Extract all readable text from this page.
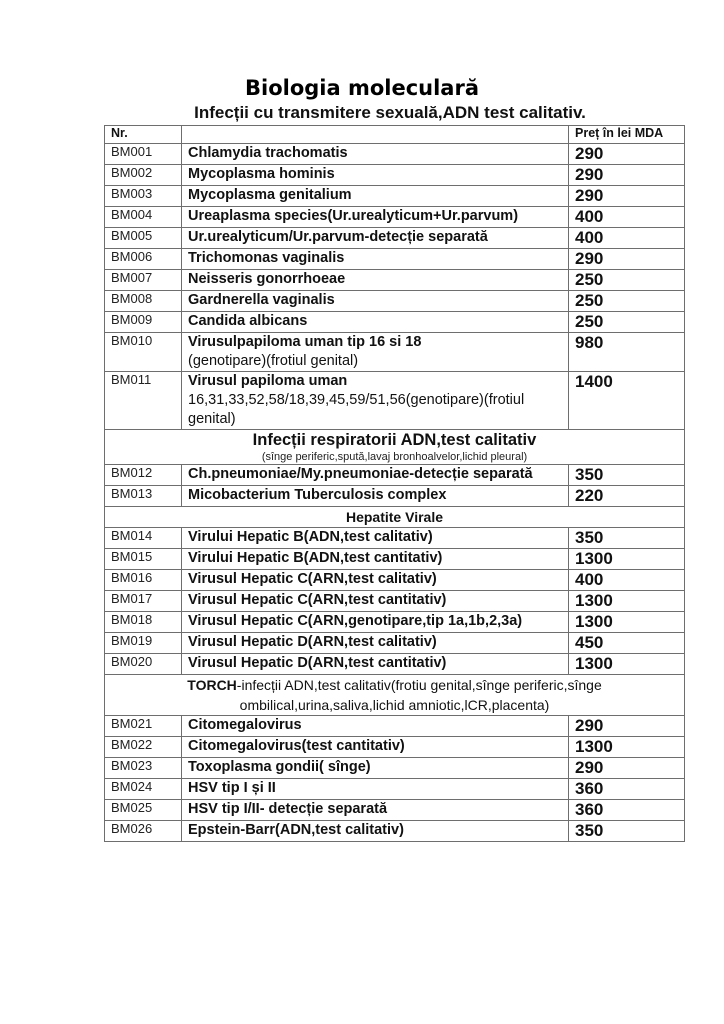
Biologia moleculară
Infecții cu transmitere sexuală,ADN test calitativ.
Nr.		Preț în lei MDA
BM001	Chlamydia trachomatis	290
BM002	Mycoplasma hominis	290
BM003	Mycoplasma genitalium	290
BM004	Ureaplasma species(Ur.urealyticum+Ur.parvum)	400
BM005	Ur.urealyticum/Ur.parvum-detecție separată	400
BM006	Trichomonas vaginalis	290
BM007	Neisseris gonorrhoeae	250
BM008	Gardnerella vaginalis	250
BM009	Candida albicans	250
BM010	Virusulpapiloma uman tip 16 si 18
(genotipare)(frotiul genital)	980
BM011	Virusul papiloma uman
16,31,33,52,58/18,39,45,59/51,56(genotipare)(frotiul genital)	1400

Infecții respiratorii ADN,test calitativ
(sînge periferic,spută,lavaj bronhoalvelor,lichid pleural)		

BM012	Ch.pneumoniae/My.pneumoniae-detecție separată	350
BM013	Micobacterium Tuberculosis complex	220

Hepatite Virale		

BM014	Virului Hepatic B(ADN,test calitativ)	350
BM015	Virului Hepatic B(ADN,test cantitativ)	1300
BM016	Virusul Hepatic C(ARN,test calitativ)	400
BM017	Virusul Hepatic C(ARN,test cantitativ)	1300
BM018	Virusul Hepatic C(ARN,genotipare,tip 1a,1b,2,3a)	1300
BM019	Virusul Hepatic D(ARN,test calitativ)	450
BM020	Virusul Hepatic D(ARN,test cantitativ)	1300

TORCH-infecții ADN,test calitativ(frotiu genital,sînge periferic,sînge ombilical,urina,saliva,lichid amniotic,lCR,placenta)		

BM021	Citomegalovirus	290
BM022	Citomegalovirus(test cantitativ)	1300
BM023	Toxoplasma gondii( sînge)	290
BM024	HSV tip I și II	360
BM025	HSV tip I/II- detecție separată	360
BM026	Epstein-Barr(ADN,test calitativ)	350
